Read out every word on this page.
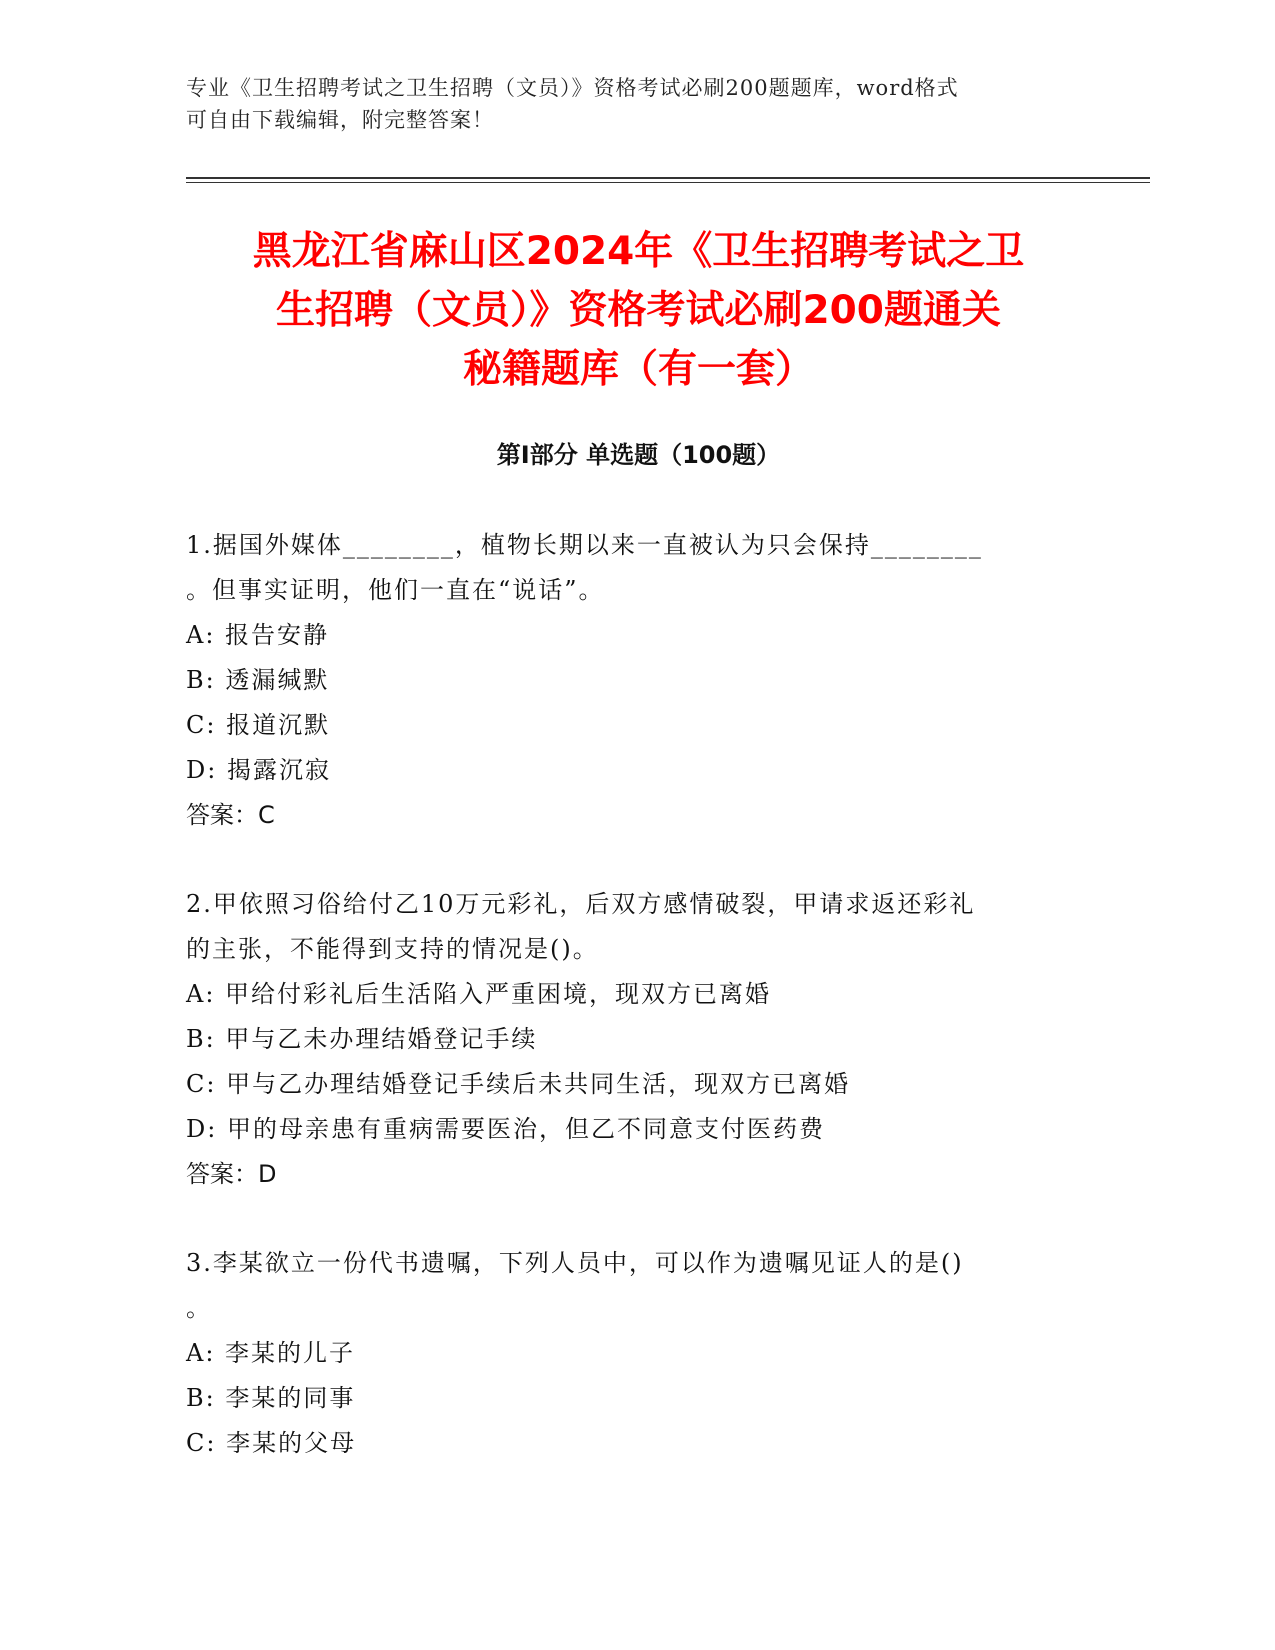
专业《卫生招聘考试之卫生招聘（文员）》资格考试必刷200题题库，word格式
可自由下载编辑，附完整答案！
黑龙江省麻山区2024年《卫生招聘考试之卫
生招聘（文员）》资格考试必刷200题通关
秘籍题库（有一套）
第Ⅰ部分 单选题（100题）

1.据国外媒体________，植物长期以来一直被认为只会保持________

。但事实证明，他们一直在“说话”。

A: 报告安静

B: 透漏缄默

C: 报道沉默

D: 揭露沉寂

答案：C

2.甲依照习俗给付乙10万元彩礼，后双方感情破裂，甲请求返还彩礼

的主张，不能得到支持的情况是()。

A: 甲给付彩礼后生活陷入严重困境，现双方已离婚

B: 甲与乙未办理结婚登记手续

C: 甲与乙办理结婚登记手续后未共同生活，现双方已离婚

D: 甲的母亲患有重病需要医治，但乙不同意支付医药费

答案：D

3.李某欲立一份代书遗嘱，下列人员中，可以作为遗嘱见证人的是()

。

A: 李某的儿子

B: 李某的同事

C: 李某的父母
